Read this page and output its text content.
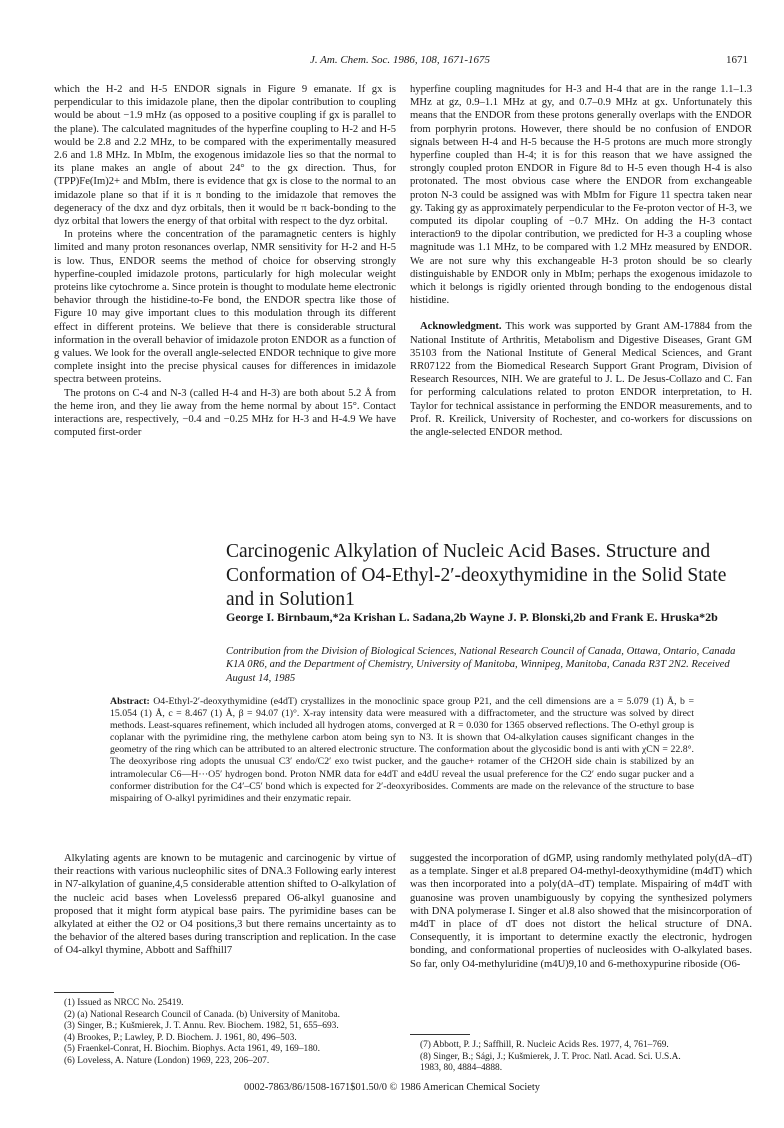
J. Am. Chem. Soc. 1986, 108, 1671-1675	1671

which the H-2 and H-5 ENDOR signals in Figure 9 emanate. If gx is perpendicular to this imidazole plane, then the dipolar contribution to coupling would be about −1.9 mHz (as opposed to a positive coupling if gx is parallel to the plane). The calculated magnitudes of the hyperfine coupling to H-2 and H-5 would be 2.8 and 2.2 MHz, to be compared with the experimentally measured 2.6 and 1.8 MHz. In MbIm, the exogenous imidazole lies so that the normal to its plane makes an angle of about 24° to the gx direction. Thus, for (TPP)Fe(Im)2+ and MbIm, there is evidence that gx is close to the normal to an imidazole plane so that if it is π bonding to the imidazole that removes the degeneracy of the dxz and dyz orbitals, then it would be π back-bonding to the dyz orbital that lowers the energy of that orbital with respect to the dyz orbital.

In proteins where the concentration of the paramagnetic centers is highly limited and many proton resonances overlap, NMR sensitivity for H-2 and H-5 is low. Thus, ENDOR seems the method of choice for observing strongly hyperfine-coupled imidazole protons, particularly for high molecular weight proteins like cytochrome a. Since protein is thought to modulate heme electronic behavior through the histidine-to-Fe bond, the ENDOR spectra like those of Figure 10 may give important clues to this modulation through its different effect in different proteins. We believe that there is considerable structural information in the overall behavior of imidazole proton ENDOR as a function of g values. We look for the overall angle-selected ENDOR technique to give more complete insight into the precise physical causes for differences in imidazole spectra between proteins.

The protons on C-4 and N-3 (called H-4 and H-3) are both about 5.2 Å from the heme iron, and they lie away from the heme normal by about 15°. Contact interactions are, respectively, −0.4 and −0.25 MHz for H-3 and H-4.9 We have computed first-order

hyperfine coupling magnitudes for H-3 and H-4 that are in the range 1.1–1.3 MHz at gz, 0.9–1.1 MHz at gy, and 0.7–0.9 MHz at gx. Unfortunately this means that the ENDOR from these protons generally overlaps with the ENDOR from porphyrin protons. However, there should be no confusion of ENDOR signals between H-4 and H-5 because the H-5 protons are much more strongly hyperfine coupled than H-4; it is for this reason that we have assigned the strongly coupled proton ENDOR in Figure 8d to H-5 even though H-4 is also protonated. The most obvious case where the ENDOR from exchangeable proton N-3 could be assigned was with MbIm for Figure 11 spectra taken near gy. Taking gy as approximately perpendicular to the Fe-proton vector of H-3, we computed its dipolar coupling of −0.7 MHz. On adding the H-3 contact interaction9 to the dipolar contribution, we predicted for H-3 a coupling whose magnitude was 1.1 MHz, to be compared with 1.2 MHz measured by ENDOR. We are not sure why this exchangeable H-3 proton should be so clearly distinguishable by ENDOR only in MbIm; perhaps the exogenous imidazole to which it belongs is rigidly oriented through bonding to the endogenous distal histidine.

Acknowledgment. This work was supported by Grant AM-17884 from the National Institute of Arthritis, Metabolism and Digestive Diseases, Grant GM 35103 from the National Institute of General Medical Sciences, and Grant RR07122 from the Biomedical Research Support Grant Program, Division of Research Resources, NIH. We are grateful to J. L. De Jesus-Collazo and C. Fan for performing calculations related to proton ENDOR interpretation, to H. Taylor for technical assistance in performing the ENDOR measurements, and to Prof. R. Kreilick, University of Rochester, and co-workers for discussions on the angle-selected ENDOR method.

Carcinogenic Alkylation of Nucleic Acid Bases. Structure and Conformation of O4-Ethyl-2′-deoxythymidine in the Solid State and in Solution1
George I. Birnbaum,*2a Krishan L. Sadana,2b Wayne J. P. Blonski,2b and Frank E. Hruska*2b
Contribution from the Division of Biological Sciences, National Research Council of Canada, Ottawa, Ontario, Canada K1A 0R6, and the Department of Chemistry, University of Manitoba, Winnipeg, Manitoba, Canada R3T 2N2. Received August 14, 1985
Abstract: O4-Ethyl-2′-deoxythymidine (e4dT) crystallizes in the monoclinic space group P21, and the cell dimensions are a = 5.079 (1) Å, b = 15.054 (1) Å, c = 8.467 (1) Å, β = 94.07 (1)°. X-ray intensity data were measured with a diffractometer, and the structure was solved by direct methods. Least-squares refinement, which included all hydrogen atoms, converged at R = 0.030 for 1365 observed reflections. The O-ethyl group is coplanar with the pyrimidine ring, the methylene carbon atom being syn to N3. It is shown that O4-alkylation causes significant changes in the geometry of the ring which can be attributed to an altered electronic structure. The conformation about the glycosidic bond is anti with χCN = 22.8°. The deoxyribose ring adopts the unusual C3′ endo/C2′ exo twist pucker, and the gauche+ rotamer of the CH2OH side chain is stabilized by an intramolecular C6—H···O5′ hydrogen bond. Proton NMR data for e4dT and e4dU reveal the usual preference for the C2′ endo sugar pucker and a conformer distribution for the C4′–C5′ bond which is expected for 2′-deoxyribosides. Comments are made on the relevance of the structure to base mispairing of O-alkyl pyrimidines and their enzymatic repair.

Alkylating agents are known to be mutagenic and carcinogenic by virtue of their reactions with various nucleophilic sites of DNA.3 Following early interest in N7-alkylation of guanine,4,5 considerable attention shifted to O-alkylation of the nucleic acid bases when Loveless6 prepared O6-alkyl guanosine and proposed that it might form atypical base pairs. The pyrimidine bases can be alkylated at either the O2 or O4 positions,3 but there remains uncertainty as to the behavior of the altered bases during transcription and replication. In the case of O4-alkyl thymine, Abbott and Saffhill7

suggested the incorporation of dGMP, using randomly methylated poly(dA–dT) as a template. Singer et al.8 prepared O4-methyl-deoxythymidine (m4dT) which was then incorporated into a poly(dA–dT) template. Mispairing of m4dT with guanosine was proven unambiguously by copying the synthesized polymers with DNA polymerase I. Singer et al.8 also showed that the misincorporation of m4dT in place of dT does not distort the helical structure of DNA. Consequently, it is important to determine exactly the electronic, hydrogen bonding, and conformational properties of nucleosides with O-alkylated bases. So far, only O4-methyluridine (m4U)9,10 and 6-methoxypurine riboside (O6-

(1) Issued as NRCC No. 25419.
(2) (a) National Research Council of Canada. (b) University of Manitoba.
(3) Singer, B.; Kušmierek, J. T. Annu. Rev. Biochem. 1982, 51, 655–693.
(4) Brookes, P.; Lawley, P. D. Biochem. J. 1961, 80, 496–503.
(5) Fraenkel-Conrat, H. Biochim. Biophys. Acta 1961, 49, 169–180.
(6) Loveless, A. Nature (London) 1969, 223, 206–207.
(7) Abbott, P. J.; Saffhill, R. Nucleic Acids Res. 1977, 4, 761–769.
(8) Singer, B.; Sági, J.; Kušmierek, J. T. Proc. Natl. Acad. Sci. U.S.A.
1983, 80, 4884–4888.
0002-7863/86/1508-1671$01.50/0 © 1986 American Chemical Society
